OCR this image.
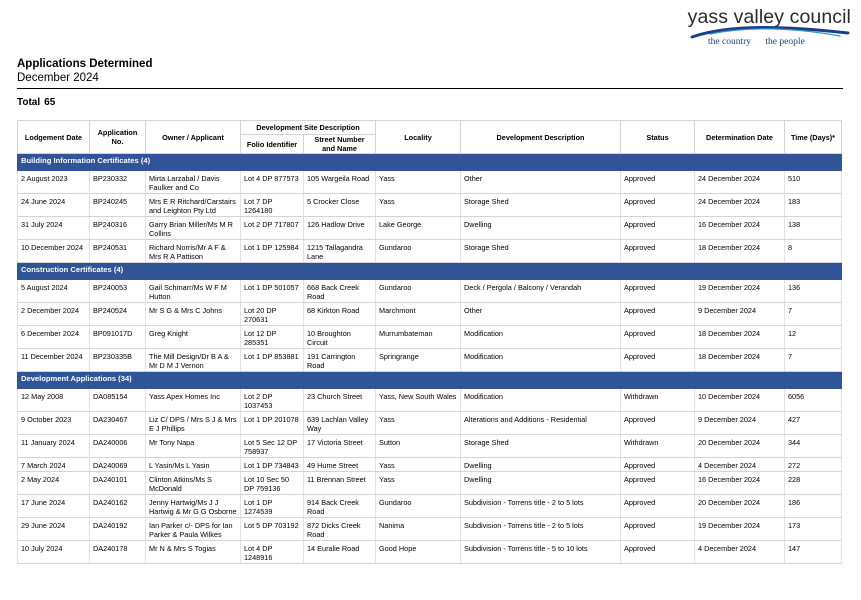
yass valley council
the country the people
Applications Determined
December 2024
Total 65
Lodgement Date	Application No.	Owner / Applicant	Development Site Description		Locality	Development Description	Status	Determination Date	Time (Days)*
			Folio Identifier	Street Number and Name					
Building Information Certificates (4)									
2 August 2023	BP230332	Mirta Larzabal / Davis Faulker and Co	Lot 4 DP 877573	105 Wargeila Road	Yass	Other	Approved	24 December 2024	510
24 June 2024	BP240245	Mrs E R Ritchard/Carstairs and Leighton Pty Ltd	Lot 7 DP 1264180	5 Crocker Close	Yass	Storage Shed	Approved	24 December 2024	183
31 July 2024	BP240316	Garry Brian Miller/Ms M R Collins	Lot 2 DP 717807	126 Hadlow Drive	Lake George	Dwelling	Approved	16 December 2024	138
10 December 2024	BP240531	Richard Norris/Mr A F & Mrs R A Pattison	Lot 1 DP 125984	1215 Tallagandra Lane	Gundaroo	Storage Shed	Approved	18 December 2024	8
Construction Certificates (4)									
5 August 2024	BP240053	Gail Schmarr/Ms W F M Hutton	Lot 1 DP 501057	668 Back Creek Road	Gundaroo	Deck / Pergola / Balcony / Verandah	Approved	19 December 2024	136
2 December 2024	BP240524	Mr S G & Mrs C Johns	Lot 20 DP 270631	68 Kirkton Road	Marchmont	Other	Approved	9 December 2024	7
6 December 2024	BP091017D	Greg Knight	Lot 12 DP 285351	10 Broughton Circuit	Murrumbateman	Modification	Approved	18 December 2024	12
11 December 2024	BP230335B	The Mill Design/Dr B A & Mr D M J Vernon	Lot 1 DP 853881	191 Carrington Road	Springrange	Modification	Approved	18 December 2024	7
Development Applications (34)									
12 May 2008	DA085154	Yass Apex Homes Inc	Lot 2 DP 1037453	23 Church Street	Yass, New South Wales	Modification	Withdrawn	10 December 2024	6056
9 October 2023	DA230467	Liz C/ DPS / Mrs S J & Mrs E J Phillips	Lot 1 DP 201078	639 Lachlan Valley Way	Yass	Alterations and Additions - Residential	Approved	9 December 2024	427
11 January 2024	DA240006	Mr Tony Napa	Lot 5 Sec 12 DP 758937	17 Victoria Street	Sutton	Storage Shed	Withdrawn	20 December 2024	344
7 March 2024	DA240069	L Yasin/Ms L Yasin	Lot 1 DP 734843	49 Hume Street	Yass	Dwelling	Approved	4 December 2024	272
2 May 2024	DA240101	Clinton Atkins/Ms S McDonald	Lot 10 Sec 50 DP 759136	11 Brennan Street	Yass	Dwelling	Approved	16 December 2024	228
17 June 2024	DA240162	Jenny Hartwig/Ms J J Hartwig & Mr G G Osborne	Lot 1 DP 1274539	914 Back Creek Road	Gundaroo	Subdivision - Torrens title - 2 to 5 lots	Approved	20 December 2024	186
29 June 2024	DA240192	Ian Parker c/- DPS for Ian Parker & Paula Wilkes	Lot 5 DP 703192	872 Dicks Creek Road	Nanima	Subdivision - Torrens title - 2 to 5 lots	Approved	19 December 2024	173
10 July 2024	DA240178	Mr N & Mrs S Togias	Lot 4 DP 1248916	14 Euralie Road	Good Hope	Subdivision - Torrens title - 5 to 10 lots	Approved	4 December 2024	147
